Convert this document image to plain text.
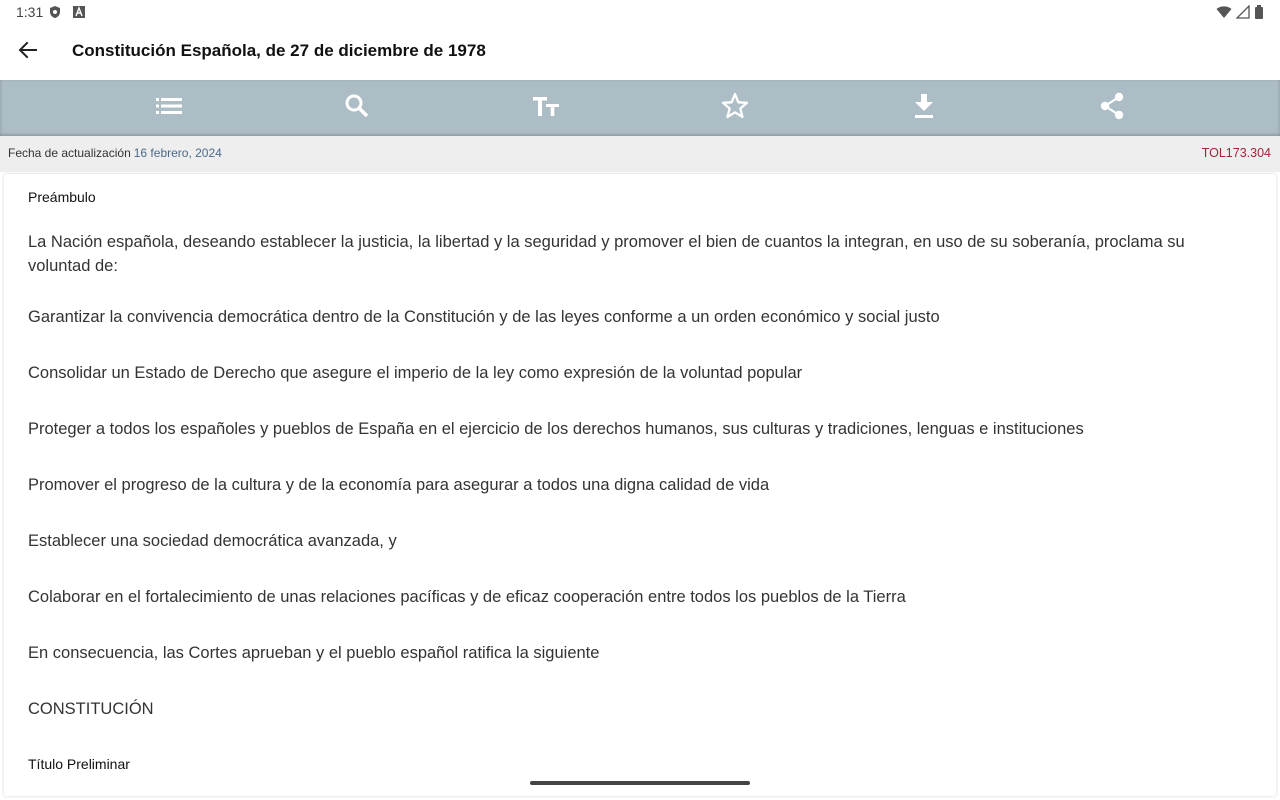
1:31
Constitución Española, de 27 de diciembre de 1978
Fecha de actualización 16 febrero, 2024	TOL173.304
Preámbulo
La Nación española, deseando establecer la justicia, la libertad y la seguridad y promover el bien de cuantos la integran, en uso de su soberanía, proclama su voluntad de:
Garantizar la convivencia democrática dentro de la Constitución y de las leyes conforme a un orden económico y social justo
Consolidar un Estado de Derecho que asegure el imperio de la ley como expresión de la voluntad popular
Proteger a todos los españoles y pueblos de España en el ejercicio de los derechos humanos, sus culturas y tradiciones, lenguas e instituciones
Promover el progreso de la cultura y de la economía para asegurar a todos una digna calidad de vida
Establecer una sociedad democrática avanzada, y
Colaborar en el fortalecimiento de unas relaciones pacíficas y de eficaz cooperación entre todos los pueblos de la Tierra
En consecuencia, las Cortes aprueban y el pueblo español ratifica la siguiente
CONSTITUCIÓN
Título Preliminar
